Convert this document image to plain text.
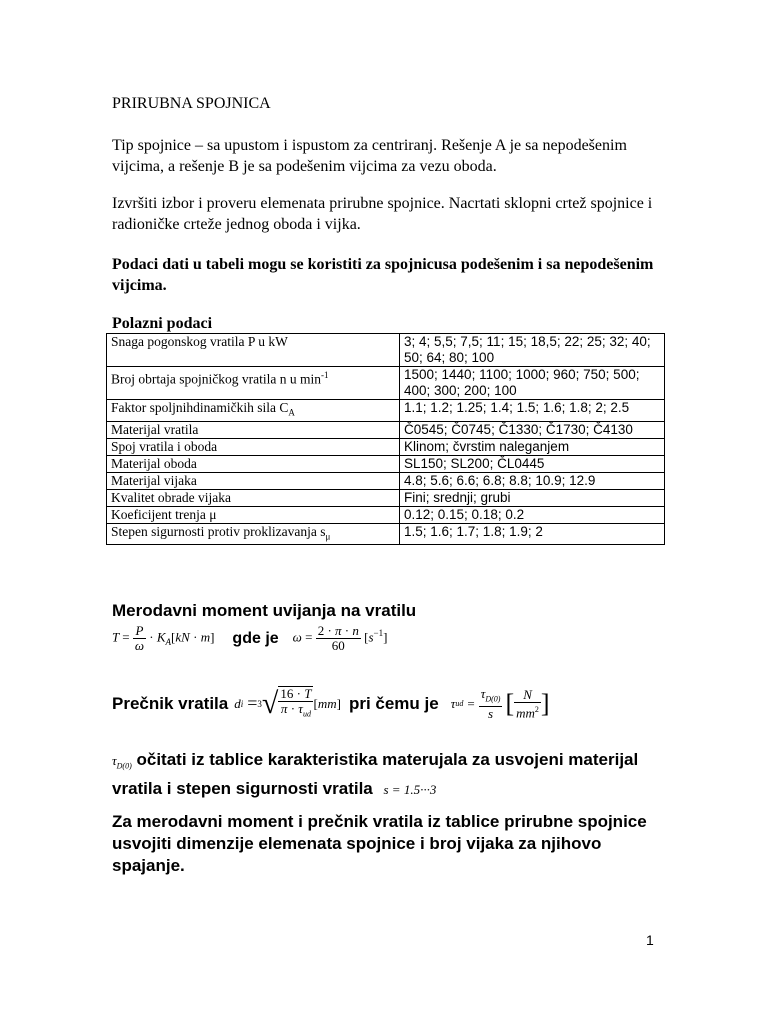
PRIRUBNA SPOJNICA
Tip spojnice – sa upustom i ispustom za centriranj. Rešenje A je sa nepodešenim vijcima, a rešenje B je sa podešenim vijcima za vezu oboda.
Izvršiti izbor i proveru elemenata prirubne spojnice. Nacrtati sklopni crtež spojnice i radioničke crteže jednog oboda i vijka.
Podaci dati u tabeli mogu se koristiti za spojnicusa podešenim i sa nepodešenim vijcima.
Polazni podaci
Snaga pogonskog vratila P u kW	3; 4; 5,5; 7,5; 11; 15; 18,5; 22; 25; 32; 40; 50; 64; 80; 100
Broj obrtaja spojničkog vratila n u $\min^{-1}$	1500; 1440; 1100; 1000; 960; 750; 500; 400; 300; 200; 100
Faktor spoljnihdinamičkih sila $C_A$	1.1; 1.2; 1.25; 1.4; 1.5; 1.6; 1.8; 2; 2.5
Materijal vratila	Č0545; Č0745; Č1330; Č1730; Č4130
Spoj vratila i oboda	Klinom; čvrstim naleganjem
Materijal oboda	SL150; SL200; ČL0445
Materijal vijaka	4.8; 5.6; 6.6; 6.8; 8.8; 10.9; 12.9
Kvalitet obrade vijaka	Fini; srednji; grubi
Koeficijent trenja μ	0.12; 0.15; 0.18; 0.2
Stepen sigurnosti protiv proklizavanja $s_\mu$	1.5; 1.6; 1.7; 1.8; 1.9; 2
Merodavni moment uvijanja na vratilu
$T = \frac{P}{\omega} \cdot K_A[kN \cdot m]$ gde je $\omega = \frac{2 \cdot \pi \cdot n}{60} [s^{-1}]$
Prečnik vratila d i = 3 √ $\frac{16 \cdot T}{\pi \cdot \tau_{ud}}$ [ mm ] pri čemu je τ ud = $\frac{\tau_{D(0)}}{s}$ [ $\frac{N}{mm^2}$ ]
$\tau_{D(0)}$ očitati iz tablice karakteristika materujala za usvojeni materijal vratila i stepen sigurnosti vratila s = 1.5···3
Za merodavni moment i prečnik vratila iz tablice prirubne spojnice usvojiti dimenzije elemenata spojnice i broj vijaka za njihovo spajanje.
1
